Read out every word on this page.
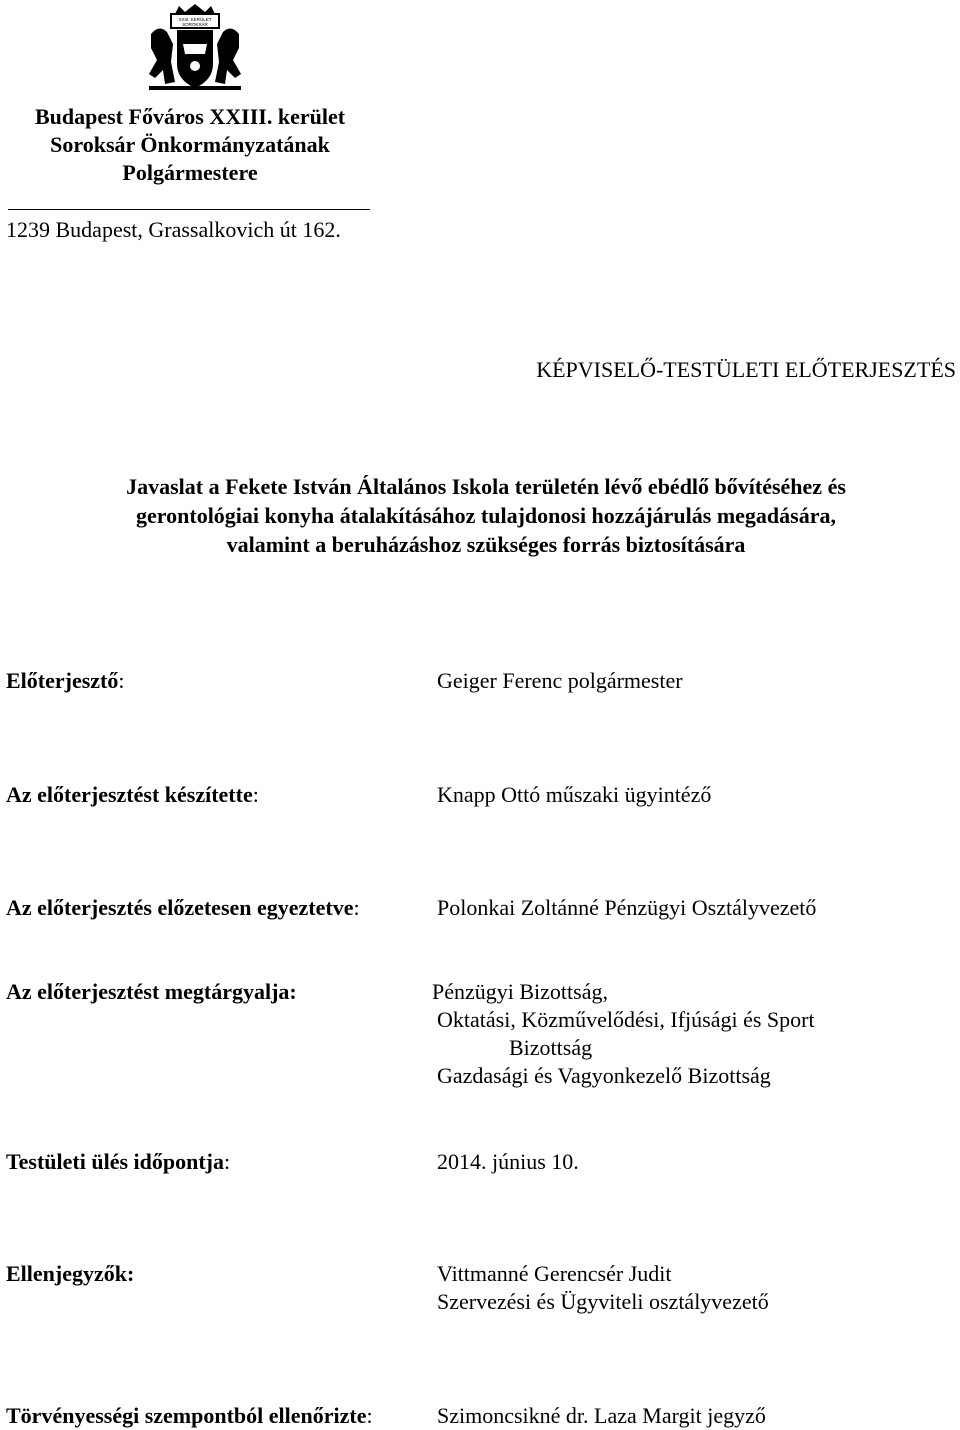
XXIII. KERÜLET
SOROKSÁR
Budapest Főváros XXIII. kerület
Soroksár Önkormányzatának
Polgármestere
1239 Budapest, Grassalkovich út 162.
KÉPVISELŐ-TESTÜLETI ELŐTERJESZTÉS
Javaslat a Fekete István Általános Iskola területén lévő ebédlő bővítéséhez és
gerontológiai konyha átalakításához tulajdonosi hozzájárulás megadására,
valamint a beruházáshoz szükséges forrás biztosítására
Előterjesztő:	Geiger Ferenc polgármester
Az előterjesztést készítette:	Knapp Ottó műszaki ügyintéző
Az előterjesztés előzetesen egyeztetve:	Polonkai Zoltánné Pénzügyi Osztályvezető
Az előterjesztést megtárgyalja:	Pénzügyi Bizottság,
Oktatási, Közművelődési, Ifjúsági és Sport
Bizottság
Gazdasági és Vagyonkezelő Bizottság
Testületi ülés időpontja:	2014. június 10.
Ellenjegyzők:	Vittmanné Gerencsér Judit
Szervezési és Ügyviteli osztályvezető
Törvényességi szempontból ellenőrizte:	Szimoncsikné dr. Laza Margit jegyző
